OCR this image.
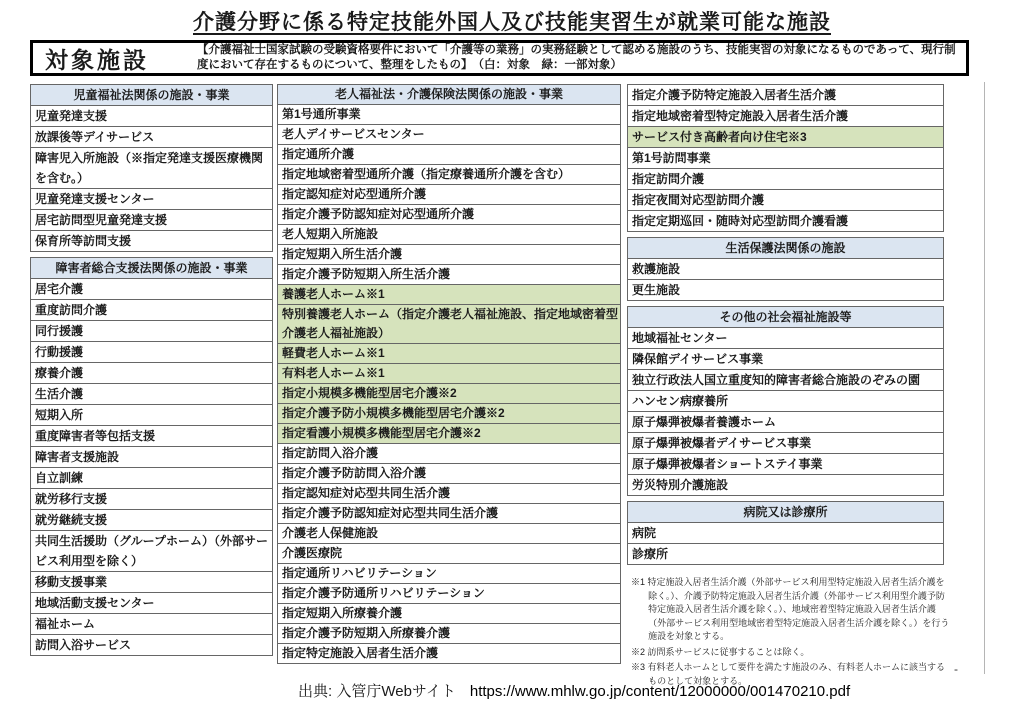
介護分野に係る特定技能外国人及び技能実習生が就業可能な施設
対象施設	【介護福祉士国家試験の受験資格要件において「介護等の業務」の実務経験として認める施設のうち、技能実習の対象になるものであって、現行制度において存在するものについて、整理をしたもの】　（白：対象　緑：一部対象）
児童福祉法関係の施設・事業
児童発達支援
放課後等デイサービス
障害児入所施設（※指定発達支援医療機関を含む。）
児童発達支援センター
居宅訪問型児童発達支援
保育所等訪問支援
障害者総合支援法関係の施設・事業
居宅介護
重度訪問介護
同行援護
行動援護
療養介護
生活介護
短期入所
重度障害者等包括支援
障害者支援施設
自立訓練
就労移行支援
就労継続支援
共同生活援助（グループホーム）（外部サービス利用型を除く）
移動支援事業
地域活動支援センター
福祉ホーム
訪問入浴サービス
老人福祉法・介護保険法関係の施設・事業
第1号通所事業
老人デイサービスセンター
指定通所介護
指定地域密着型通所介護（指定療養通所介護を含む）
指定認知症対応型通所介護
指定介護予防認知症対応型通所介護
老人短期入所施設
指定短期入所生活介護
指定介護予防短期入所生活介護
養護老人ホーム※1
特別養護老人ホーム（指定介護老人福祉施設、指定地域密着型介護老人福祉施設）
軽費老人ホーム※1
有料老人ホーム※1
指定小規模多機能型居宅介護※2
指定介護予防小規模多機能型居宅介護※2
指定看護小規模多機能型居宅介護※2
指定訪問入浴介護
指定介護予防訪問入浴介護
指定認知症対応型共同生活介護
指定介護予防認知症対応型共同生活介護
介護老人保健施設
介護医療院
指定通所リハビリテーション
指定介護予防通所リハビリテーション
指定短期入所療養介護
指定介護予防短期入所療養介護
指定特定施設入居者生活介護
指定介護予防特定施設入居者生活介護
指定地域密着型特定施設入居者生活介護
サービス付き高齢者向け住宅※3
第1号訪問事業
指定訪問介護
指定夜間対応型訪問介護
指定定期巡回・随時対応型訪問介護看護
生活保護法関係の施設
救護施設
更生施設
その他の社会福祉施設等
地域福祉センター
隣保館デイサービス事業
独立行政法人国立重度知的障害者総合施設のぞみの園
ハンセン病療養所
原子爆弾被爆者養護ホーム
原子爆弾被爆者デイサービス事業
原子爆弾被爆者ショートステイ事業
労災特別介護施設
病院又は診療所
病院
診療所

※1 特定施設入居者生活介護（外部サービス利用型特定施設入居者生活介護を除く。）、介護予防特定施設入居者生活介護（外部サービス利用型介護予防特定施設入居者生活介護を除く。）、地域密着型特定施設入居者生活介護（外部サービス利用型地域密着型特定施設入居者生活介護を除く。）を行う施設を対象とする。

※2 訪問系サービスに従事することは除く。

※3 有料老人ホームとして要件を満たす施設のみ、有料老人ホームに該当するものとして対象とする。

出典: 入管庁Webサイト https://www.mhlw.go.jp/content/12000000/001470210.pdf
-
